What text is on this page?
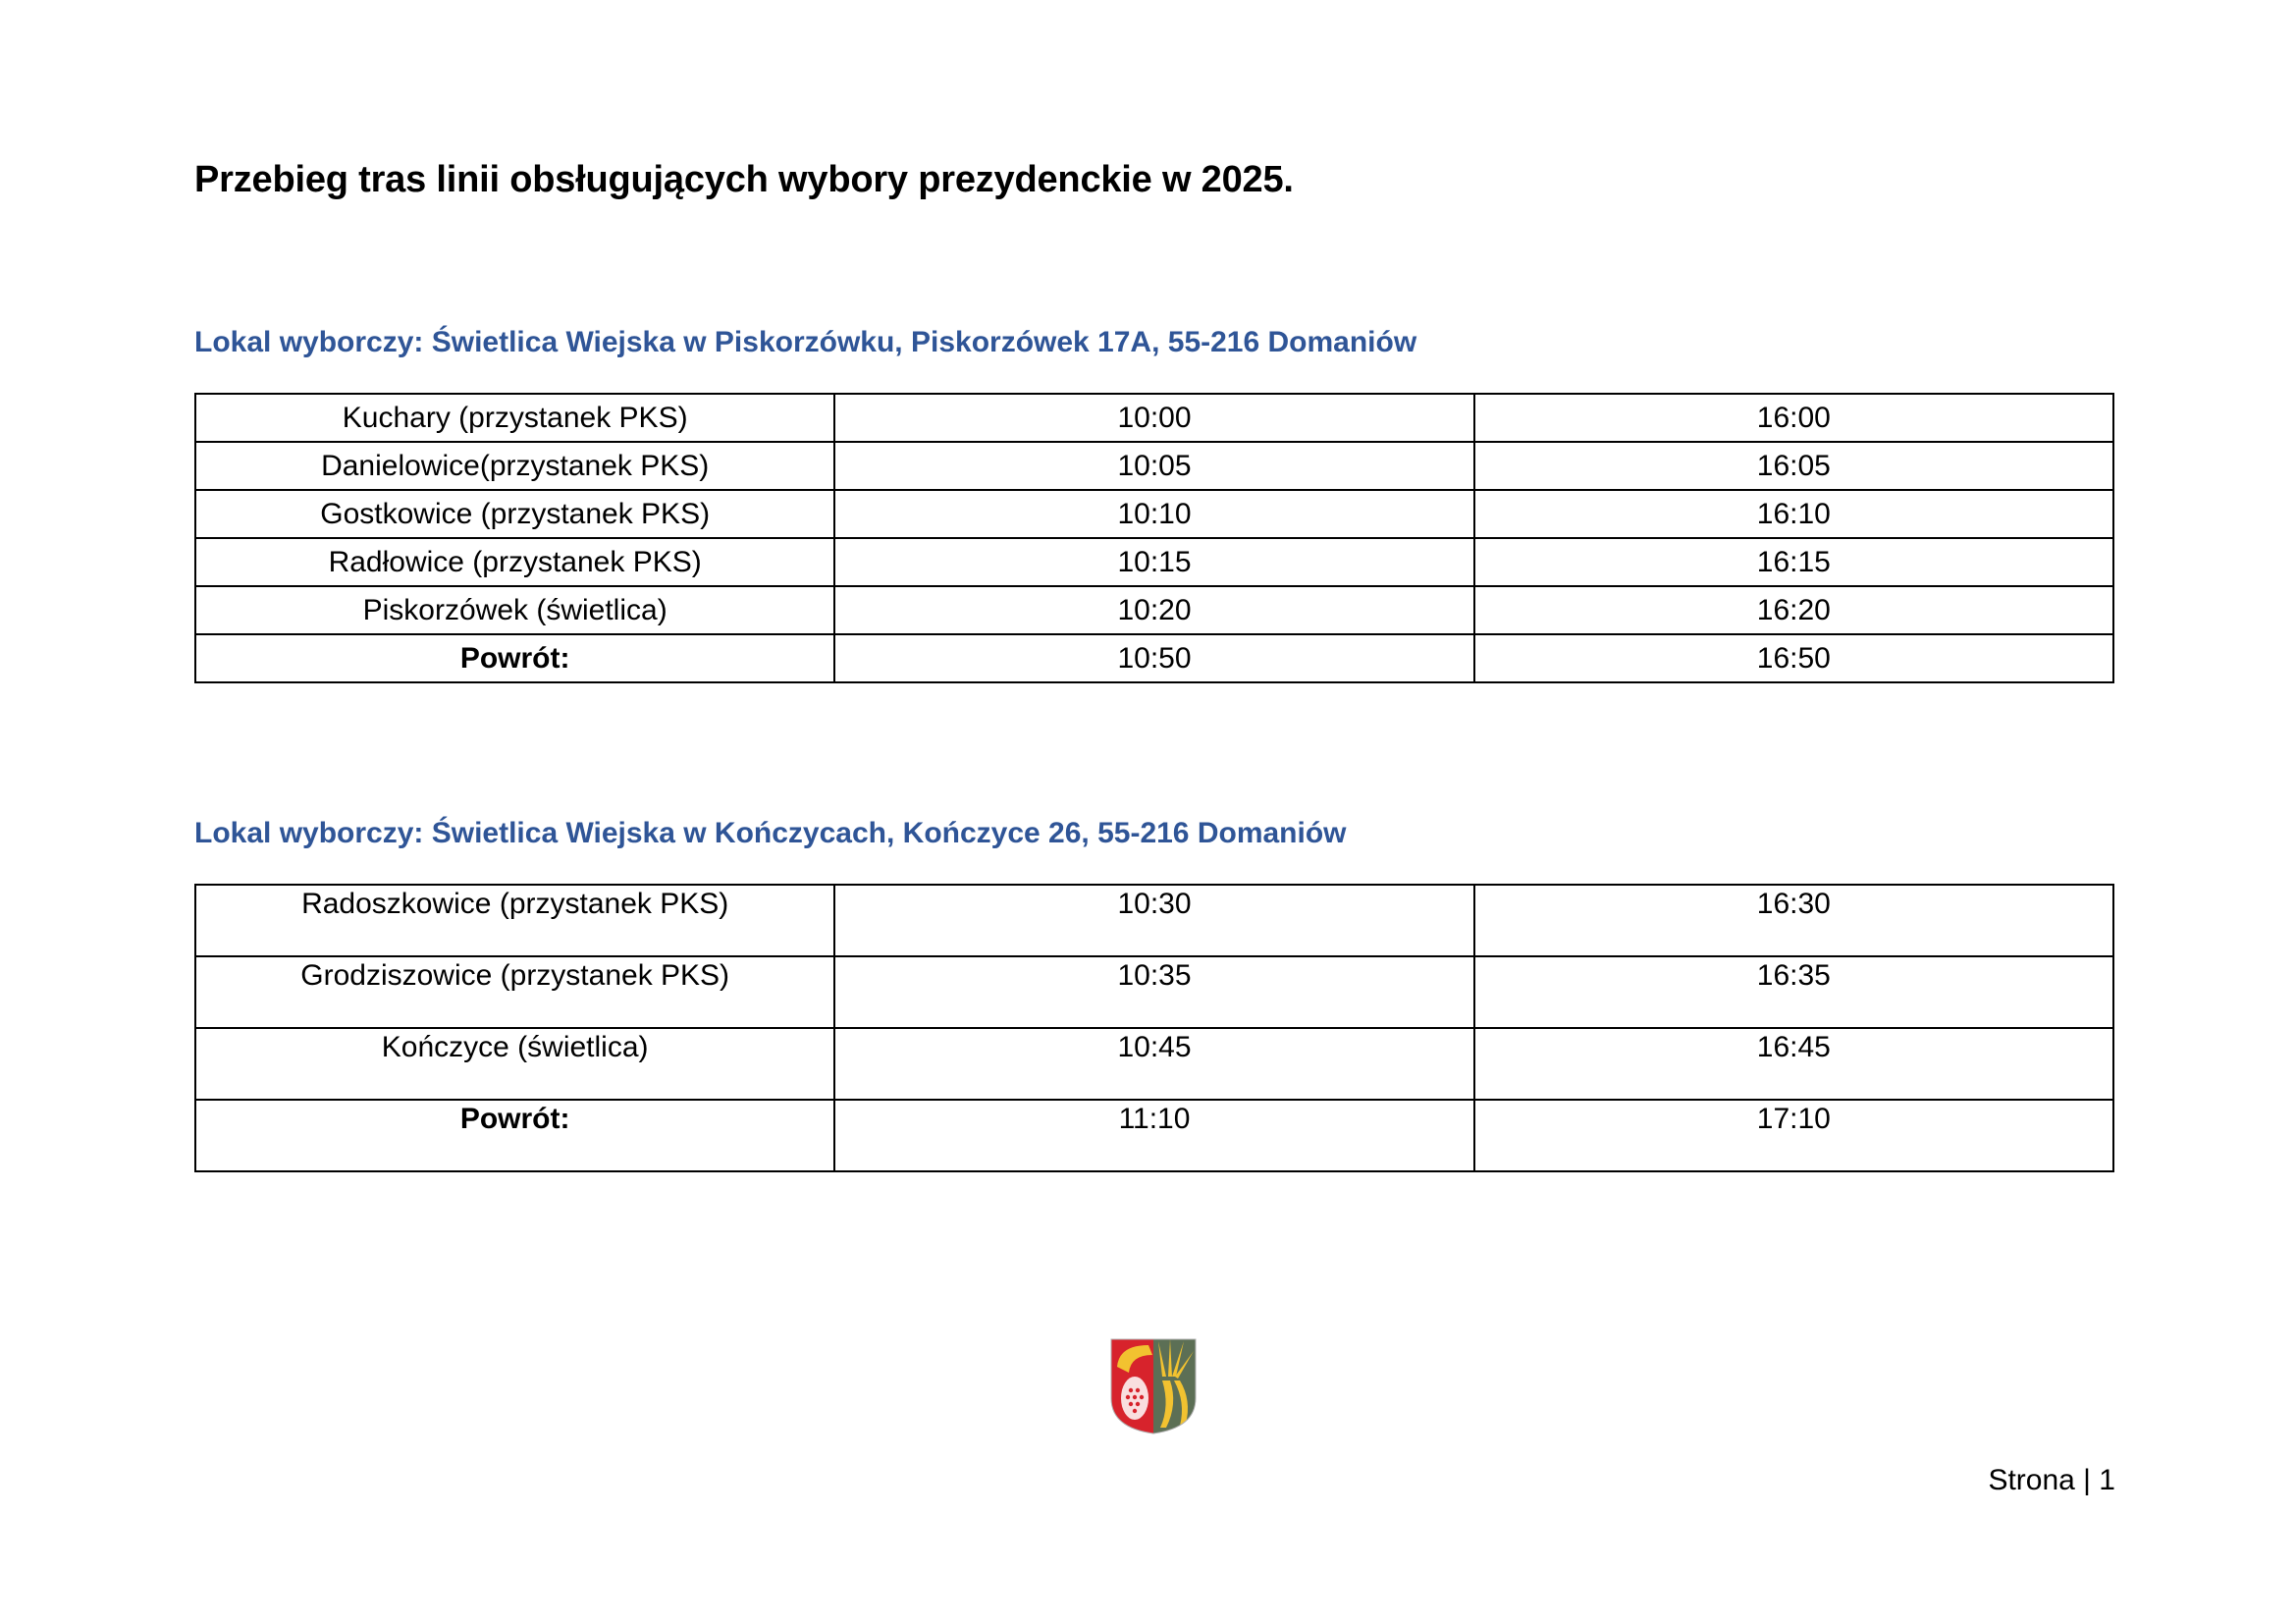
Przebieg tras linii obsługujących wybory prezydenckie w 2025.
Lokal wyborczy: Świetlica Wiejska w Piskorzówku, Piskorzówek 17A, 55-216 Domaniów
Kuchary (przystanek PKS)	10:00	16:00
Danielowice(przystanek PKS)	10:05	16:05
Gostkowice (przystanek PKS)	10:10	16:10
Radłowice (przystanek PKS)	10:15	16:15
Piskorzówek (świetlica)	10:20	16:20
Powrót:	10:50	16:50
Lokal wyborczy: Świetlica Wiejska w Kończycach, Kończyce 26, 55-216 Domaniów
Radoszkowice (przystanek PKS)	10:30	16:30
Grodziszowice (przystanek PKS)	10:35	16:35
Kończyce (świetlica)	10:45	16:45
Powrót:	11:10	17:10

Strona | 1
